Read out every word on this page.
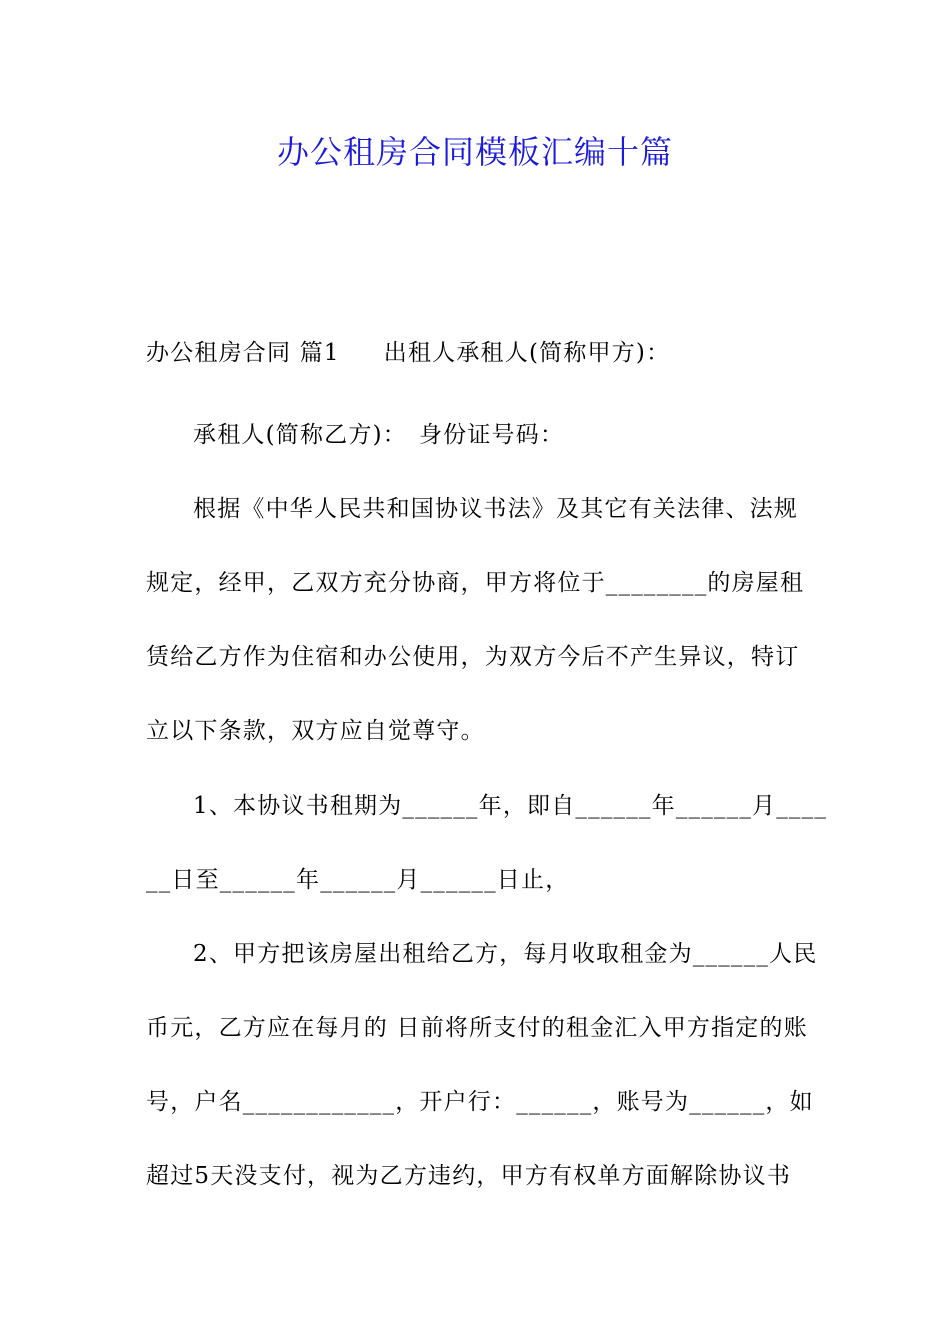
办公租房合同模板汇编十篇
办公租房合同 篇1 出租人承租人(简称甲方)：
承租人(简称乙方)： 身份证号码：
根据《中华人民共和国协议书法》及其它有关法律、法规
规定，经甲，乙双方充分协商，甲方将位于________的房屋租
赁给乙方作为住宿和办公使用，为双方今后不产生异议，特订
立以下条款，双方应自觉尊守。
1、本协议书租期为______年，即自______年______月____
__日至______年______月______日止，
2、甲方把该房屋出租给乙方，每月收取租金为______人民
币元，乙方应在每月的 日前将所支付的租金汇入甲方指定的账
号，户名____________，开户行：______，账号为______，如
超过5天没支付，视为乙方违约，甲方有权单方面解除协议书
